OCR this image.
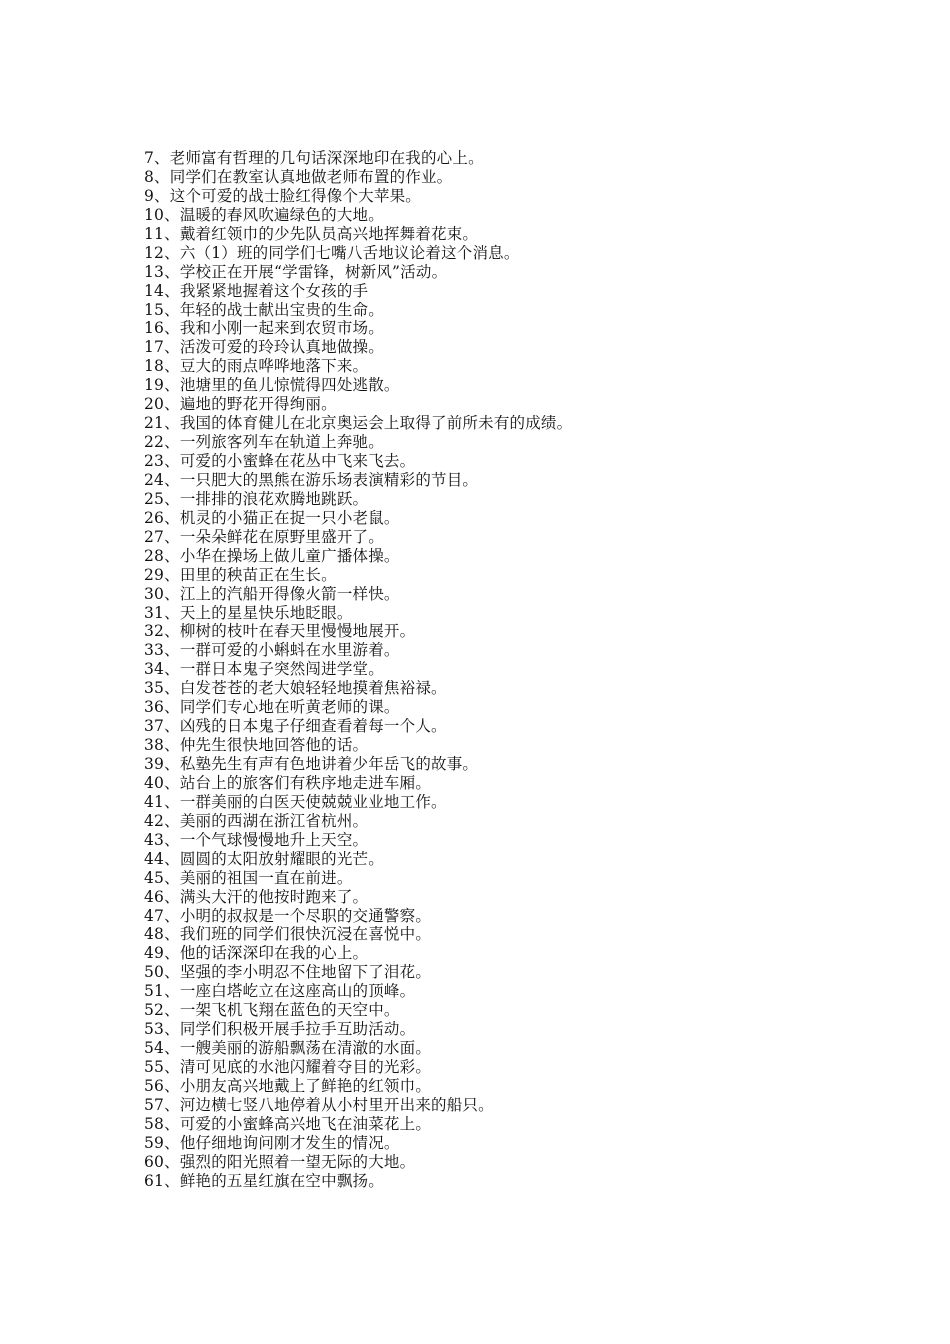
7、老师富有哲理的几句话深深地印在我的心上。
8、同学们在教室认真地做老师布置的作业。
9、这个可爱的战士脸红得像个大苹果。
10、温暖的春风吹遍绿色的大地。
11、戴着红领巾的少先队员高兴地挥舞着花束。
12、六（1）班的同学们七嘴八舌地议论着这个消息。
13、学校正在开展“学雷锋，树新风”活动。
14、我紧紧地握着这个女孩的手
15、年轻的战士献出宝贵的生命。
16、我和小刚一起来到农贸市场。
17、活泼可爱的玲玲认真地做操。
18、豆大的雨点哗哗地落下来。
19、池塘里的鱼儿惊慌得四处逃散。
20、遍地的野花开得绚丽。
21、我国的体育健儿在北京奥运会上取得了前所未有的成绩。
22、一列旅客列车在轨道上奔驰。
23、可爱的小蜜蜂在花丛中飞来飞去。
24、一只肥大的黑熊在游乐场表演精彩的节目。
25、一排排的浪花欢腾地跳跃。
26、机灵的小猫正在捉一只小老鼠。
27、一朵朵鲜花在原野里盛开了。
28、小华在操场上做儿童广播体操。
29、田里的秧苗正在生长。
30、江上的汽船开得像火箭一样快。
31、天上的星星快乐地眨眼。
32、柳树的枝叶在春天里慢慢地展开。
33、一群可爱的小蝌蚪在水里游着。
34、一群日本鬼子突然闯进学堂。
35、白发苍苍的老大娘轻轻地摸着焦裕禄。
36、同学们专心地在听黄老师的课。
37、凶残的日本鬼子仔细查看着每一个人。
38、仲先生很快地回答他的话。
39、私塾先生有声有色地讲着少年岳飞的故事。
40、站台上的旅客们有秩序地走进车厢。
41、一群美丽的白医天使兢兢业业地工作。
42、美丽的西湖在浙江省杭州。
43、一个气球慢慢地升上天空。
44、圆圆的太阳放射耀眼的光芒。
45、美丽的祖国一直在前进。
46、满头大汗的他按时跑来了。
47、小明的叔叔是一个尽职的交通警察。
48、我们班的同学们很快沉浸在喜悦中。
49、他的话深深印在我的心上。
50、坚强的李小明忍不住地留下了泪花。
51、一座白塔屹立在这座高山的顶峰。
52、一架飞机飞翔在蓝色的天空中。
53、同学们积极开展手拉手互助活动。
54、一艘美丽的游船飘荡在清澈的水面。
55、清可见底的水池闪耀着夺目的光彩。
56、小朋友高兴地戴上了鲜艳的红领巾。
57、河边横七竖八地停着从小村里开出来的船只。
58、可爱的小蜜蜂高兴地飞在油菜花上。
59、他仔细地询问刚才发生的情况。
60、强烈的阳光照着一望无际的大地。
61、鲜艳的五星红旗在空中飘扬。
